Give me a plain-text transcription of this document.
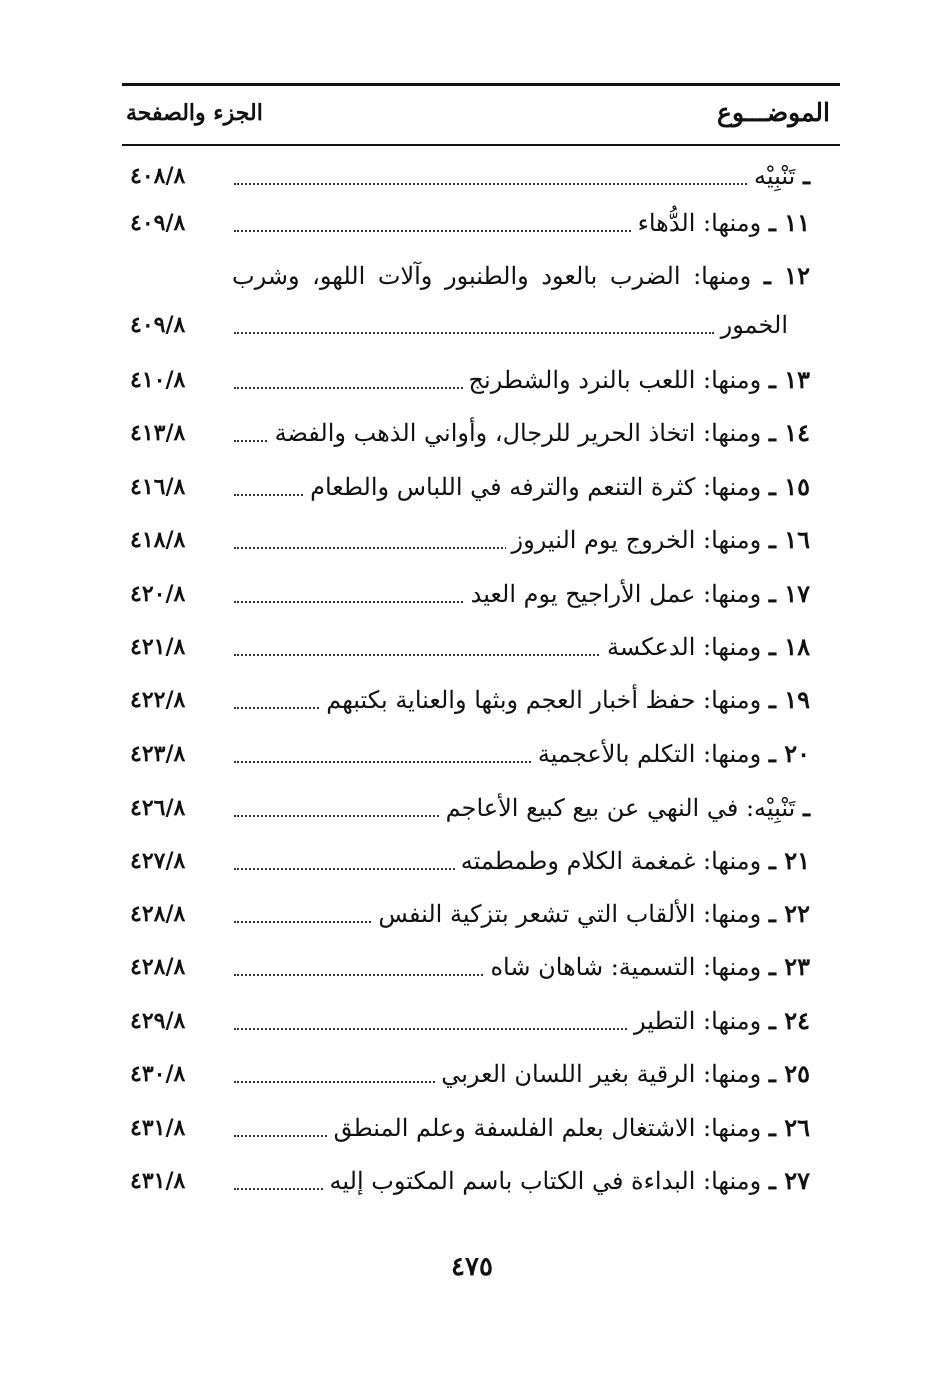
الموضـــوع
الجزء والصفحة
ـ تَنْبِيْه
٤٠٨/٨
١١ ـ ومنها: الدُّهاء
٤٠٩/٨
١٢ ـ ومنها: الضرب بالعود والطنبور وآلات اللهو، وشرب
الخمور
٤٠٩/٨
١٣ ـ ومنها: اللعب بالنرد والشطرنج
٤١٠/٨
١٤ ـ ومنها: اتخاذ الحرير للرجال، وأواني الذهب والفضة
٤١٣/٨
١٥ ـ ومنها: كثرة التنعم والترفه في اللباس والطعام
٤١٦/٨
١٦ ـ ومنها: الخروج يوم النيروز
٤١٨/٨
١٧ ـ ومنها: عمل الأراجيح يوم العيد
٤٢٠/٨
١٨ ـ ومنها: الدعكسة
٤٢١/٨
١٩ ـ ومنها: حفظ أخبار العجم وبثها والعناية بكتبهم
٤٢٢/٨
٢٠ ـ ومنها: التكلم بالأعجمية
٤٢٣/٨
ـ تَنْبِيْه: في النهي عن بيع كبيع الأعاجم
٤٢٦/٨
٢١ ـ ومنها: غمغمة الكلام وطمطمته
٤٢٧/٨
٢٢ ـ ومنها: الألقاب التي تشعر بتزكية النفس
٤٢٨/٨
٢٣ ـ ومنها: التسمية: شاهان شاه
٤٢٨/٨
٢٤ ـ ومنها: التطير
٤٢٩/٨
٢٥ ـ ومنها: الرقية بغير اللسان العربي
٤٣٠/٨
٢٦ ـ ومنها: الاشتغال بعلم الفلسفة وعلم المنطق
٤٣١/٨
٢٧ ـ ومنها: البداءة في الكتاب باسم المكتوب إليه
٤٣١/٨
٤٧٥
